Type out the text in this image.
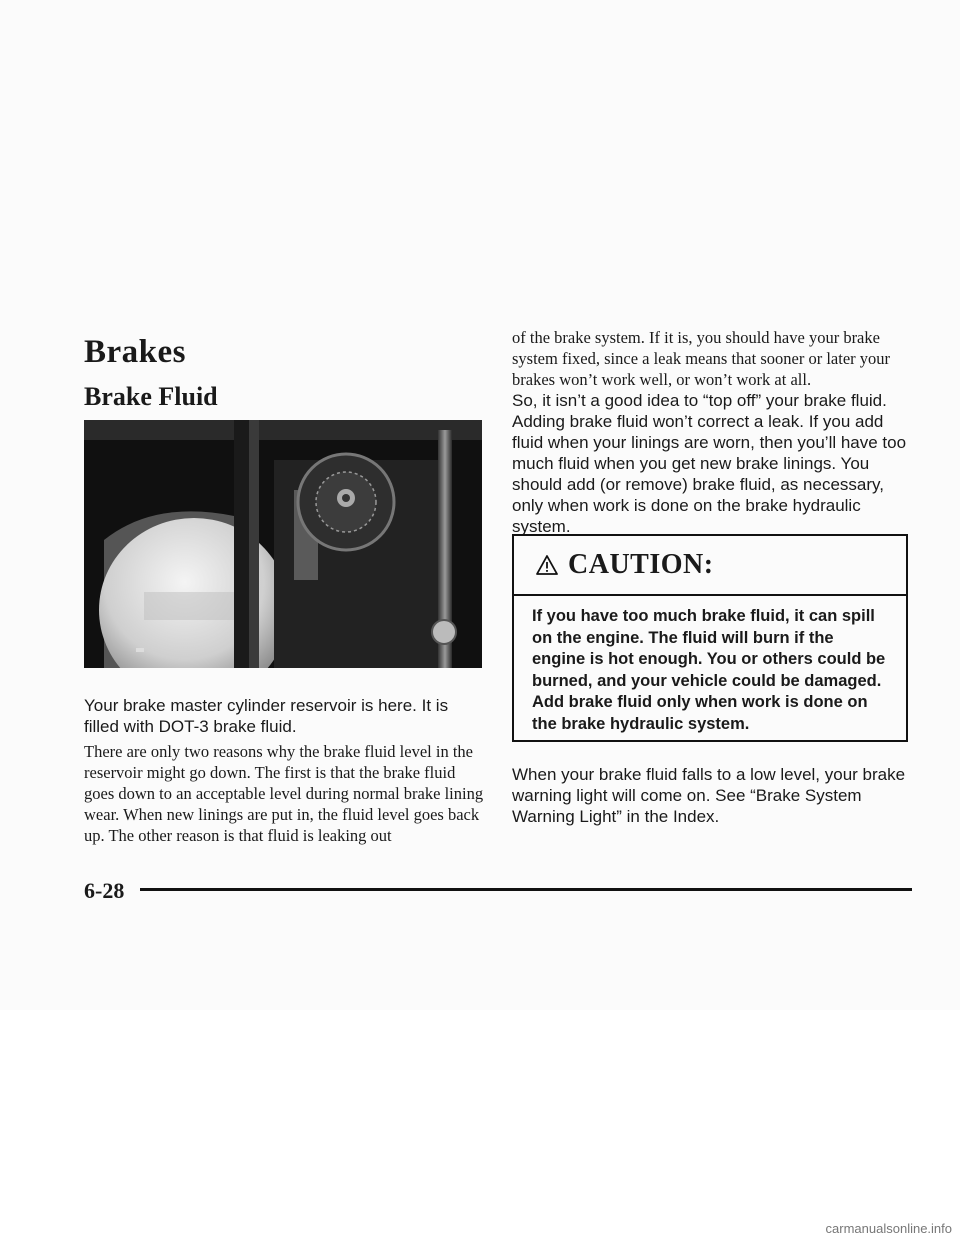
Brakes
Brake Fluid

Your brake master cylinder reservoir is here. It is filled with DOT-3 brake fluid.

There are only two reasons why the brake fluid level in the reservoir might go down. The first is that the brake fluid goes down to an acceptable level during normal brake lining wear. When new linings are put in, the fluid level goes back up. The other reason is that fluid is leaking out

of the brake system. If it is, you should have your brake system fixed, since a leak means that sooner or later your brakes won’t work well, or won’t work at all.

So, it isn’t a good idea to “top off” your brake fluid. Adding brake fluid won’t correct a leak. If you add fluid when your linings are worn, then you’ll have too much fluid when you get new brake linings. You should add (or remove) brake fluid, as necessary, only when work is done on the brake hydraulic system.

CAUTION:

If you have too much brake fluid, it can spill on the engine. The fluid will burn if the engine is hot enough. You or others could be burned, and your vehicle could be damaged. Add brake fluid only when work is done on the brake hydraulic system.

When your brake fluid falls to a low level, your brake warning light will come on. See “Brake System Warning Light” in the Index.

6-28

carmanualsonline.info
